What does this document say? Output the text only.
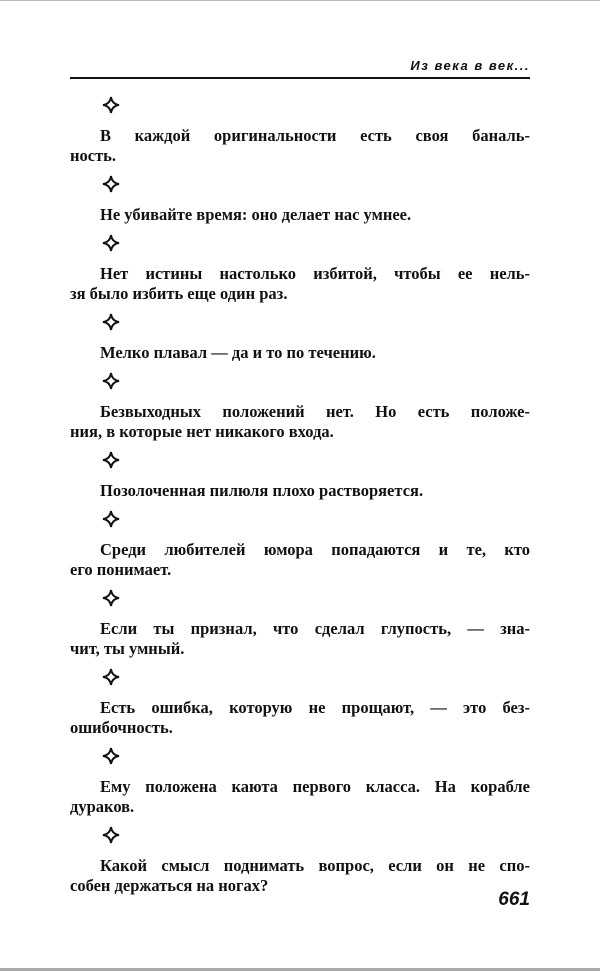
Из века в век...
В каждой оригинальности есть своя баналь-
ность.
Не убивайте время: оно делает нас умнее.
Нет истины настолько избитой, чтобы ее нель-
зя было избить еще один раз.
Мелко плавал — да и то по течению.
Безвыходных положений нет. Но есть положе-
ния, в которые нет никакого входа.
Позолоченная пилюля плохо растворяется.
Среди любителей юмора попадаются и те, кто
его понимает.
Если ты признал, что сделал глупость, — зна-
чит, ты умный.
Есть ошибка, которую не прощают, — это без-
ошибочность.
Ему положена каюта первого класса. На корабле
дураков.
Какой смысл поднимать вопрос, если он не спо-
собен держаться на ногах?
661
